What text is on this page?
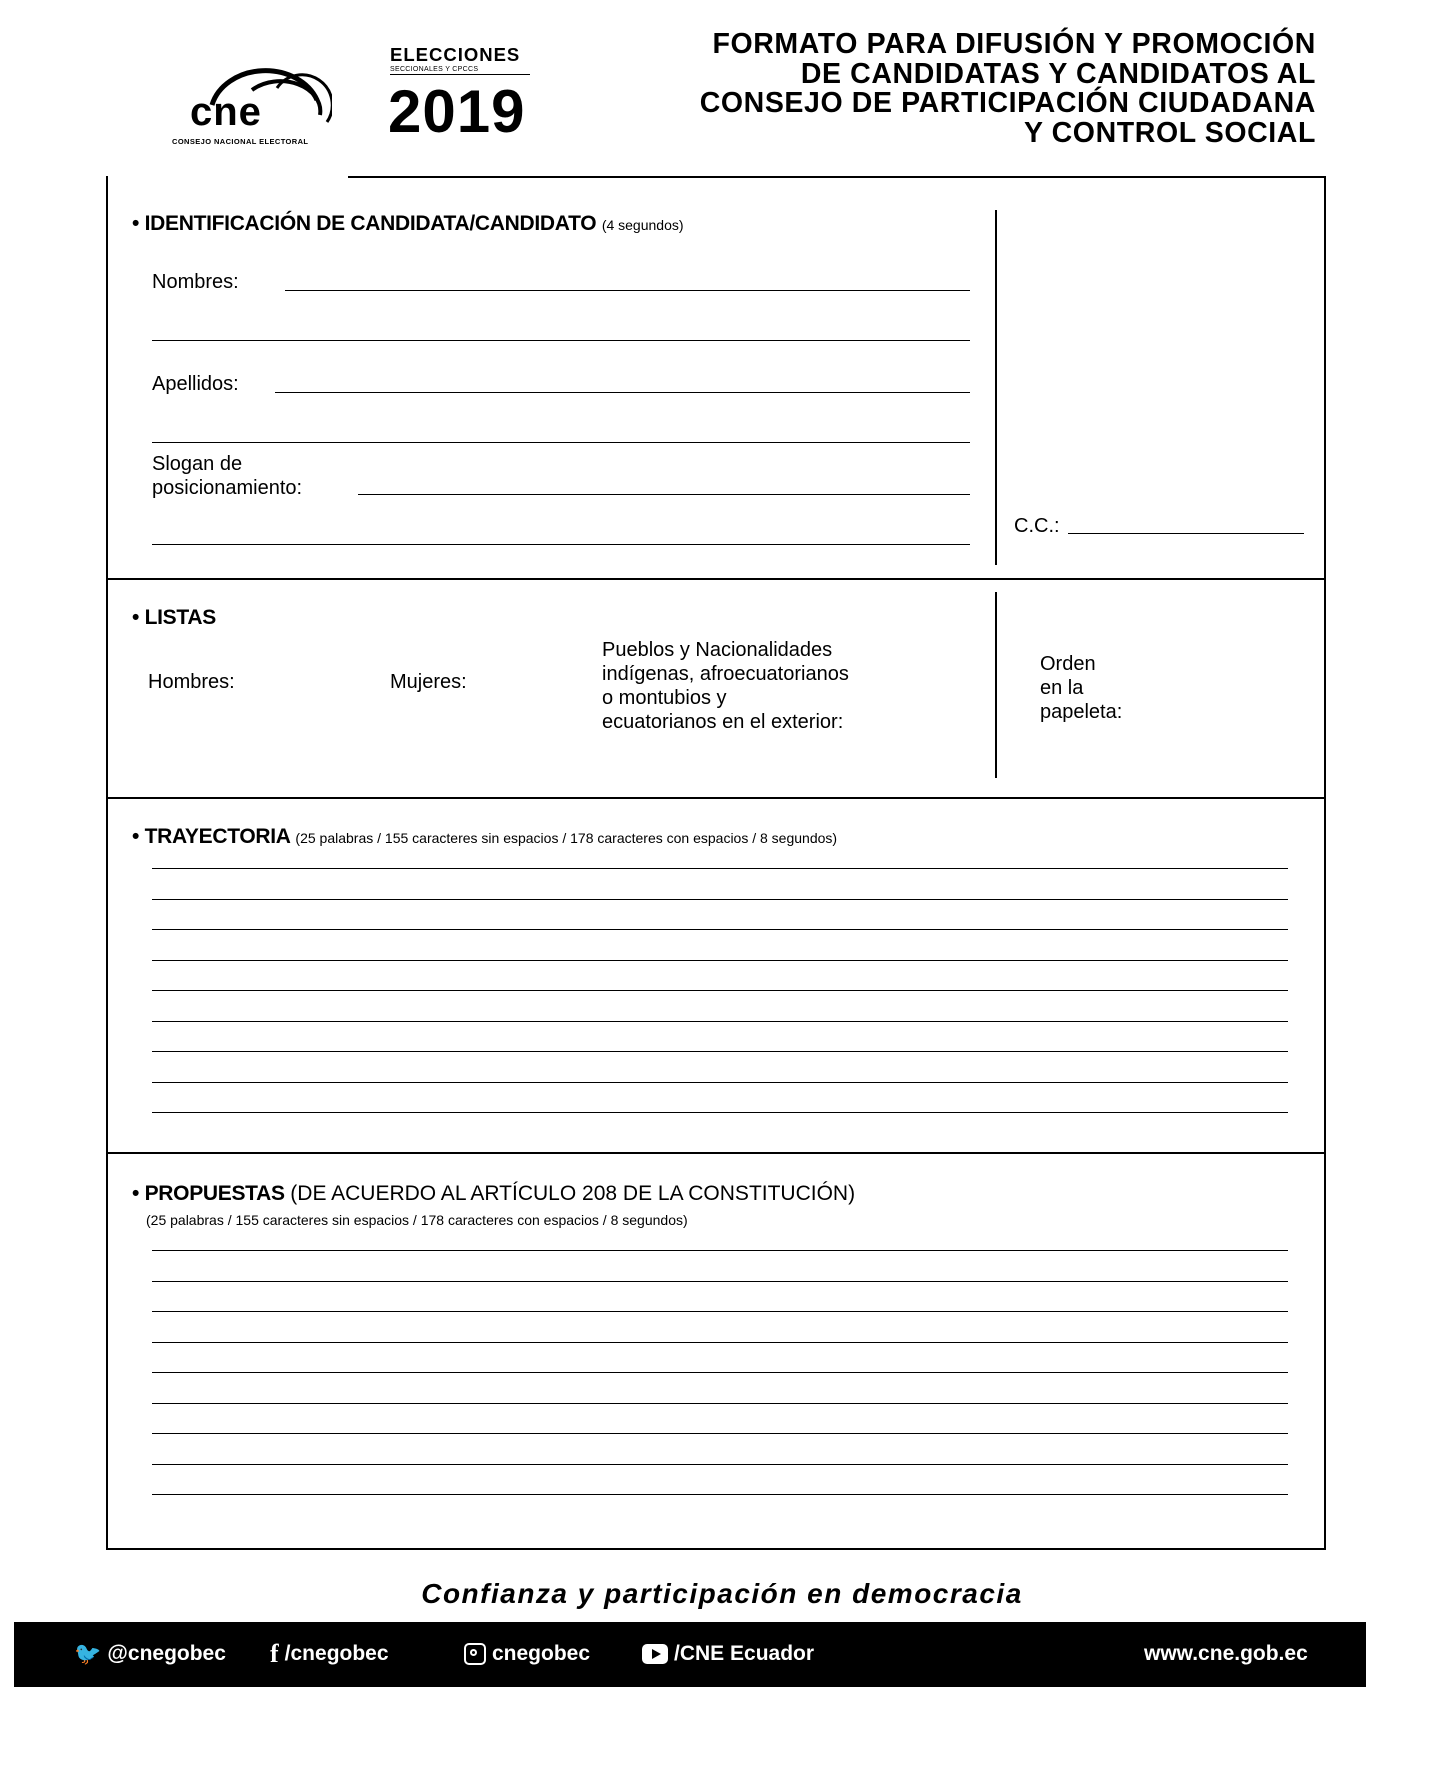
cne
CONSEJO NACIONAL ELECTORAL
ELECCIONES
SECCIONALES Y CPCCS
2019
FORMATO PARA DIFUSIÓN Y PROMOCIÓN
DE CANDIDATAS Y CANDIDATOS AL
CONSEJO DE PARTICIPACIÓN CIUDADANA
Y CONTROL SOCIAL
• IDENTIFICACIÓN DE CANDIDATA/CANDIDATO (4 segundos)
Nombres:
Apellidos:
Slogan de
posicionamiento:
C.C.:
• LISTAS
Hombres:	Mujeres:
Pueblos y Nacionalidades
indígenas, afroecuatorianos
o montubios y
ecuatorianos en el exterior:
Orden
en la
papeleta:
• TRAYECTORIA (25 palabras / 155 caracteres sin espacios / 178 caracteres con espacios / 8 segundos)
• PROPUESTAS (DE ACUERDO AL ARTÍCULO 208 DE LA CONSTITUCIÓN)
(25 palabras / 155 caracteres sin espacios / 178 caracteres con espacios / 8 segundos)
Confianza y participación en democracia
🐦 @cnegobec f /cnegobec	cnegobec	/CNE Ecuador	www.cne.gob.ec
